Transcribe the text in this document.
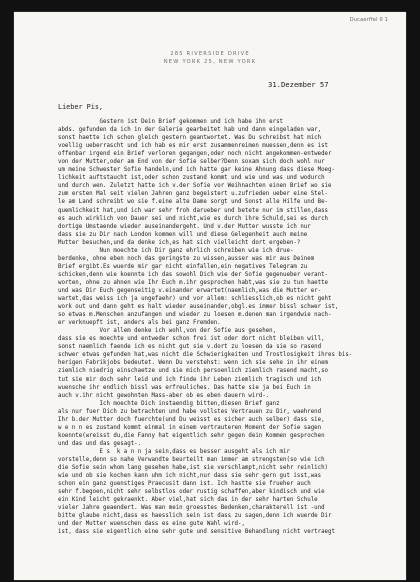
Ducaerffel 0 1
285 RIVERSIDE DRIVE
NEW YORK 25, NEW YORK
31.Dezember 57
Lieber Pis,
Gestern ist Dein Brief gekommen und ich habe ihn erst
abds. gefunden da ich in der Galerie gearbeitet hab und dann eingeladen war,
sonst haette ich schon gleich gestern geantwortet. Was Du schreibst hat mich
voellig ueberrascht und ich hab es mir erst zusammenreimen muessen,denn es ist
offenbar irgend ein Brief verloren gegangen,oder noch nicht angekommen-entweder
von der Mutter,oder am End von der Sofie selber?Denn soxam sich doch wohl nur
um meine Schwester Sofie handeln,und ich hatte gar keine Ahnung dass diese Moeg-
lichkeit auftstaucht ist,oder schon zustand kommt und wie und was und wodurch
und durch wen. Zuletzt hatte ich v.der Sofie vor Weihnachten einen Brief wo sie
zum ersten Mal seit vielen Jahren ganz begeistert u.zufrieden ueber eine Stel-
le am Land schreibt wo sie f.eine alte Dame sorgt und Sonst alle Hilfe und Be-
quemlichkeit hat,und ich war sehr froh darueber und betete nur im stillen,dass
es auch wirklich von Dauer sei und nicht,wie es durch ihre Schuld,sei es durch
dortige Umstaende wieder auseinandergeht. Und v.der Mutter wusste ich nur
dass sie zu Dir nach London kommen will und diese Gelegenheit auch meine
Mutter besuchen,und da denke ich,es hat sich vielleicht dort ergeben-?
Nun moechte ich Dir ganz ehrlich schreiben wie ich drue-
berdenke, ohne eben noch das geringste zu wissen,ausser was mir aus Deinem
Brief ergibt.Es wuerde mir gar nicht einfallen,ein negatives Telegram zu
schicken,denn wie koennte ich das sowohl Dich wie der Sofie gegenueber verant-
worten, ohne zu ahnen wie Ihr Euch m.ihr gesprochen habt,was sie zu tun haette
und was Dir Euch gegenseitig v.einander erwartet(naemlich,was die Mutter er-
wartet,das weiss ich ja ungefaehr) und vor allem: schliesslich,ob es nicht geht
work out und dann geht es halt wieder auseinander,obgl.es immer bissl schwer ist,
so etwas m.Menschen anzufangen und wieder zu loesen m.denen man irgendwie nach-
er verknuepft ist, anders als bei ganz Fremden.
Vor allem denke ich wohl,von der Sofie aus gesehen,
dass sie es moechte und entweder schon frei ist oder dort nicht bleiben will,
sonst naemlich faende ich es nicht gut sie v.dort zu loesen da sie so rasend
schwer etwas gefunden hat,was nicht die Schwierigkeiten und Trostlosigkeit ihres bis-
herigen Fabrikjobs bedeutet. Wenn Du verstehst: wenn ich sie sehe in ihr einem
ziemlich niedrig einschaetze und sie mich persoenlich ziemlich rasend macht,so
tut sie mir doch sehr leid und ich finde ihr Leben ziemlich tragisch und ich
wuensche ihr endlich bissl was erfreuliches. Das hatte sie ja bei Euch in
auch v.ihr nicht gewohnten Mass-aber ob es eben dauern wird-.
Ich moechte Dich instaendig bitten,diesen Brief ganz
als nur fuer Dich zu betrachten und habe vollstes Vertrauen zu Dir, waehrend
Ihr b.der Mutter doch fuerchte(und Du weisst es sicher auch selber) dass sie,
w e n n es zustand kommt einmal in einem vertrauteren Moment der Sofie sagen
koennte(wreisst du,die Fanny hat eigentlich sehr gegen dein Kommen gesprochen
und das und das gesagt-.
E s  k a n n ja sein,dass es besser ausgeht als ich mir
vorstelle,denn so nahe Verwandte beurteilt man immer am strengsten(so wie ich
die Sofie sein whom lang gesehen habe,ist sie verschlampt,nicht sehr reinlich)
wie und ob sie kochen kann uhm ich nicht,nur dass sie sehr gern gut isst,was
schon ein ganz guenstiges Praecusit dann ist. Ich hastte sie frueher auch
sehr f.begoen,nicht sehr selbstlos oder rustig schaffen,aber kindisch und wie
ein Kind leicht gekraenkt. Aber viel,hat sich das in der sehr harten Schule
vieler Jahre geaendert. Was man mein groesstes Bedenken,charakterell ist -und
bitte glaube nicht,dass es haesslich sein ist dass zu sagen,denn ich wuerde Dir
und der Mutter wuenschen dass es eine gute Wahl wird-,
ist, dass sie eigentlich eine sehr gute und sensitive Behandlung nicht vertraegt
